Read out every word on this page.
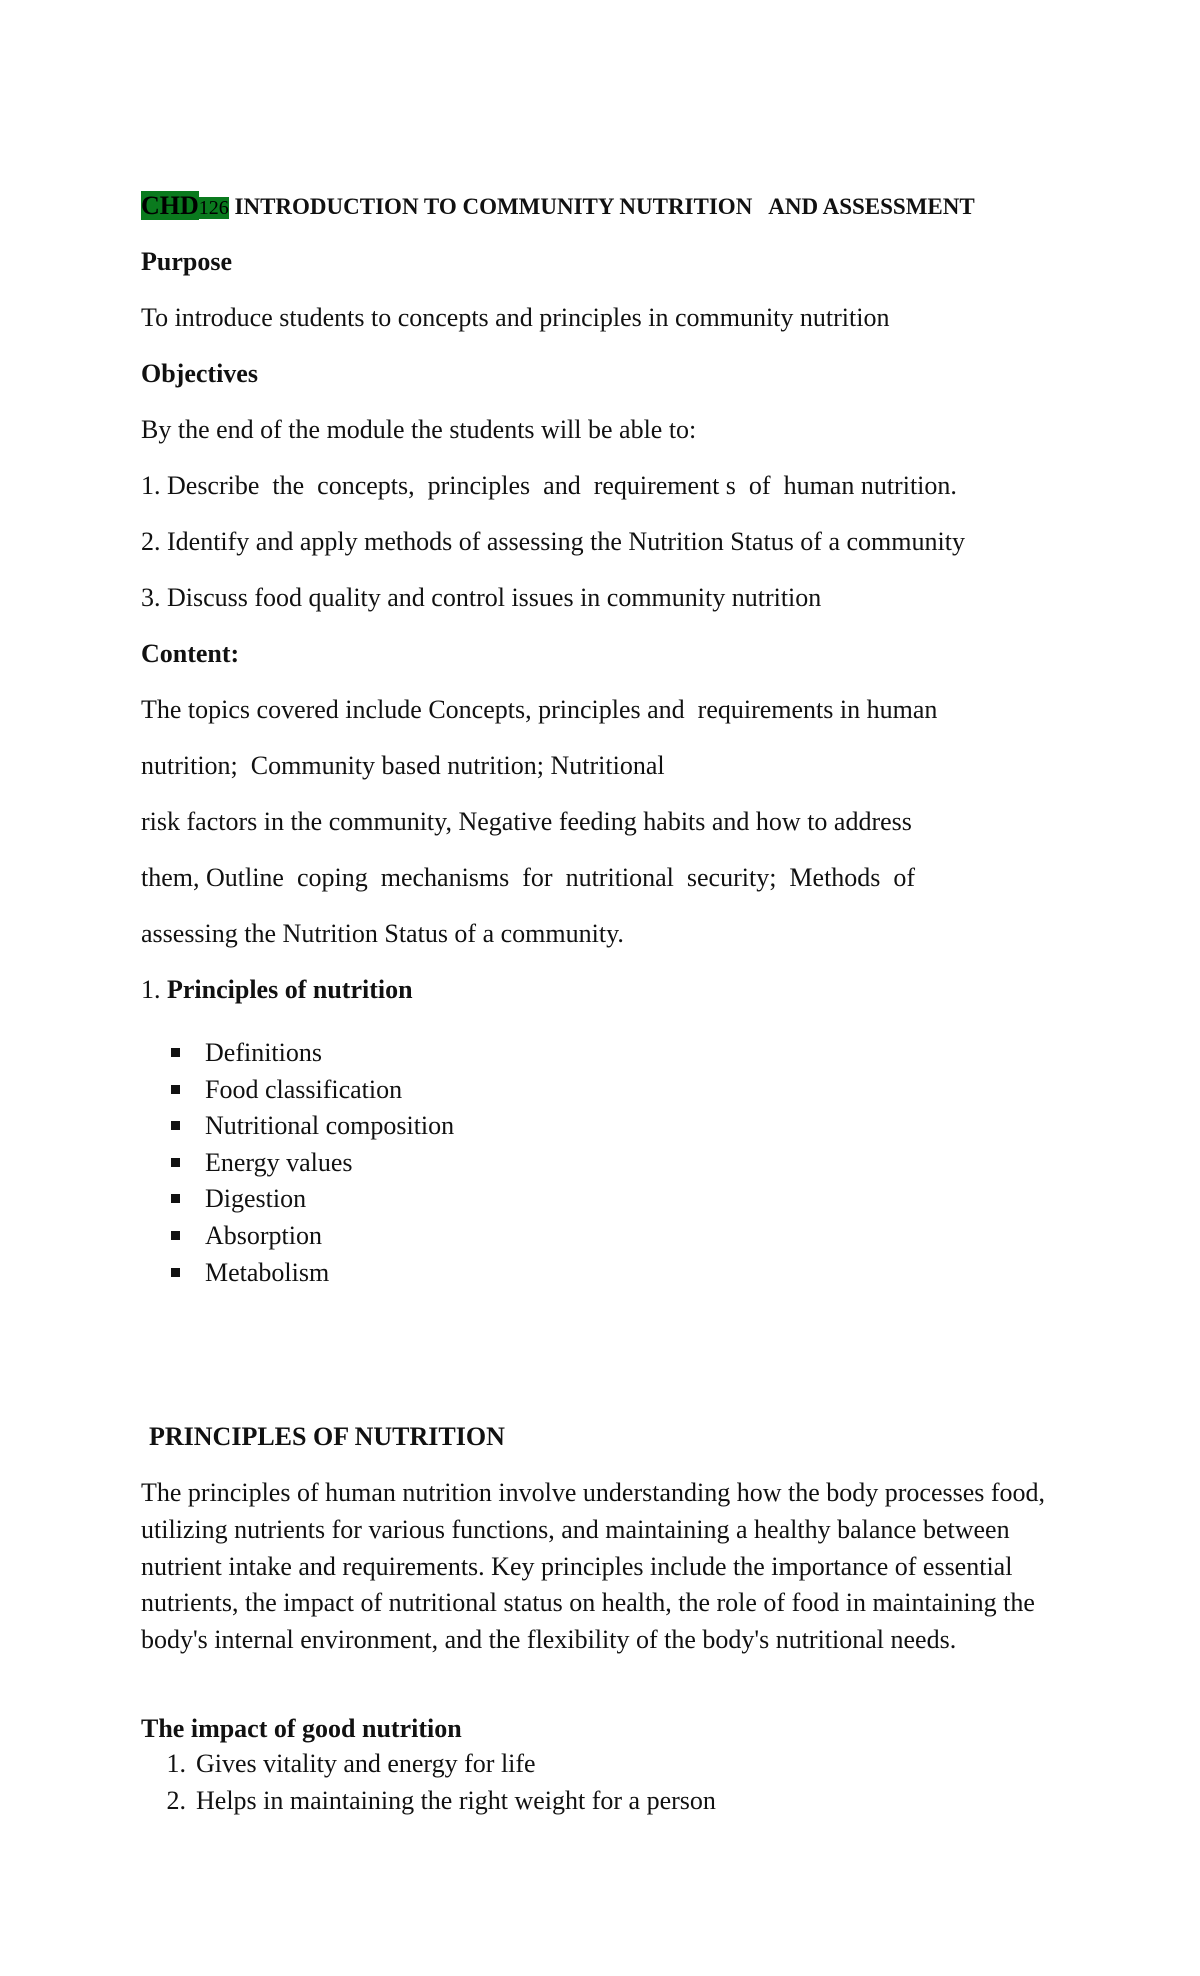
CHD126 INTRODUCTION TO COMMUNITY NUTRITION   AND ASSESSMENT
Purpose
To introduce students to concepts and principles in community nutrition
Objectives
By the end of the module the students will be able to:
1. Describe  the  concepts,  principles  and  requirement s  of  human nutrition.
2. Identify and apply methods of assessing the Nutrition Status of a community
3. Discuss food quality and control issues in community nutrition
Content:
The topics covered include Concepts, principles and  requirements in human
nutrition;  Community based nutrition; Nutritional
risk factors in the community, Negative feeding habits and how to address
them, Outline  coping  mechanisms  for  nutritional  security;  Methods  of
assessing the Nutrition Status of a community.
1. Principles of nutrition
Definitions
Food classification
Nutritional composition
Energy values
Digestion
Absorption
Metabolism
PRINCIPLES OF NUTRITION

The principles of human nutrition involve understanding how the body processes food, utilizing nutrients for various functions, and maintaining a healthy balance between nutrient intake and requirements. Key principles include the importance of essential nutrients, the impact of nutritional status on health, the role of food in maintaining the body's internal environment, and the flexibility of the body's nutritional needs.

The impact of good nutrition
1. Gives vitality and energy for life
2. Helps in maintaining the right weight for a person
